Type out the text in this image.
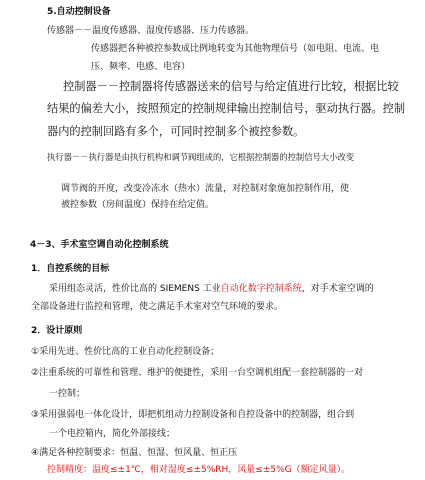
5.自动控制设备
传感器－－温度传感器、湿度传感器、压力传感器。
传感器把各种被控参数成比例地转变为其他物理信号（如电阻、电流、电
压、频率、电感、电容）
控制器－－控制器将传感器送来的信号与给定值进行比较，根据比较
结果的偏差大小，按照预定的控制规律输出控制信号，驱动执行器。控制
器内的控制回路有多个，可同时控制多个被控参数。
执行器－－执行器是由执行机构和调节阀组成的，它根据控制器的控制信号大小改变
调节阀的开度，改变冷冻水（热水）流量，对控制对象施加控制作用，使
被控参数（房间温度）保持在给定值。
4－3、手术室空调自动化控制系统
1．自控系统的目标
采用组态灵活，性价比高的 SIEMENS 工业自动化数字控制系统，对手术室空调的
全部设备进行监控和管理，使之满足手术室对空气环境的要求。
2．设计原则
①采用先进、性价比高的工业自动化控制设备；
②注重系统的可靠性和管理、维护的便捷性，采用一台空调机组配一套控制器的一对
一控制；
③采用强弱电一体化设计，即把机组动力控制设备和自控设备中的控制器，组合到
一个电控箱内，简化外部接线；
④满足各种控制要求：恒温、恒湿、恒风量、恒正压
控制精度：温度≤±1℃，相对湿度≤±5%RH，风量≤±5%G（额定风量）。
